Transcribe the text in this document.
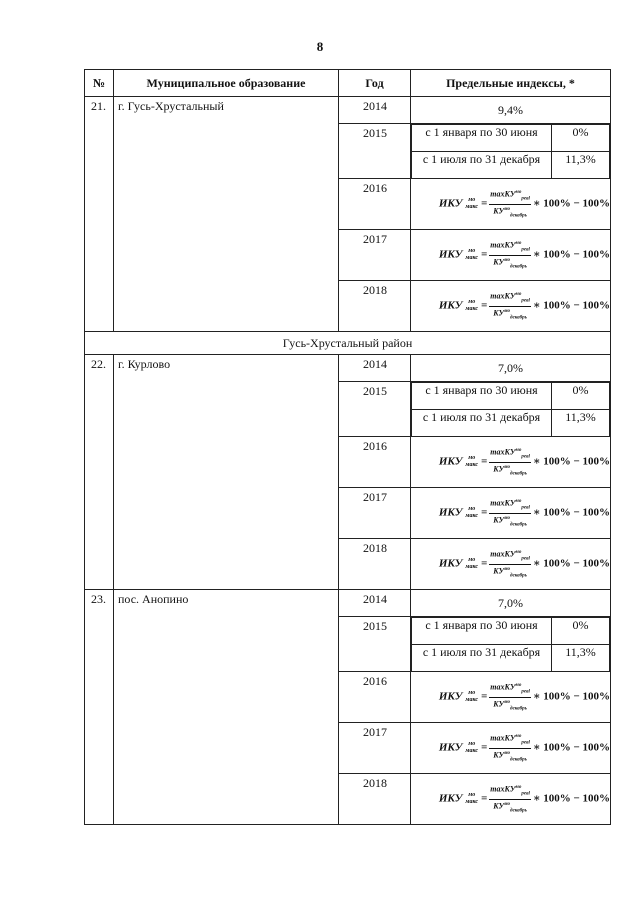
8
№	Муниципальное образование	Год	Предельные индексы, *
21.	г. Гусь-Хрустальный	2014	9,4%
2015		с 1 января по 30 июня	0%
с 1 июля по 31 декабря	11,3%

2016	ИКУ мо
макс = $\frac{\max KУ^{мо}_{реаl}}{KУ^{мо}_{декабрь}}$ ∗ 100% − 100%
2017	ИКУ мо
макс = $\frac{\max KУ^{мо}_{реаl}}{KУ^{мо}_{декабрь}}$ ∗ 100% − 100%
2018	ИКУ мо
макс = $\frac{\max KУ^{мо}_{реаl}}{KУ^{мо}_{декабрь}}$ ∗ 100% − 100%
Гусь-Хрустальный район
22.	г. Курлово	2014	7,0%
2015		с 1 января по 30 июня	0%
с 1 июля по 31 декабря	11,3%

2016	ИКУ мо
макс = $\frac{\max KУ^{мо}_{реаl}}{KУ^{мо}_{декабрь}}$ ∗ 100% − 100%
2017	ИКУ мо
макс = $\frac{\max KУ^{мо}_{реаl}}{KУ^{мо}_{декабрь}}$ ∗ 100% − 100%
2018	ИКУ мо
макс = $\frac{\max KУ^{мо}_{реаl}}{KУ^{мо}_{декабрь}}$ ∗ 100% − 100%
23.	пос. Анопино	2014	7,0%
2015		с 1 января по 30 июня	0%
с 1 июля по 31 декабря	11,3%

2016	ИКУ мо
макс = $\frac{\max KУ^{мо}_{реаl}}{KУ^{мо}_{декабрь}}$ ∗ 100% − 100%
2017	ИКУ мо
макс = $\frac{\max KУ^{мо}_{реаl}}{KУ^{мо}_{декабрь}}$ ∗ 100% − 100%
2018	ИКУ мо
макс = $\frac{\max KУ^{мо}_{реаl}}{KУ^{мо}_{декабрь}}$ ∗ 100% − 100%
